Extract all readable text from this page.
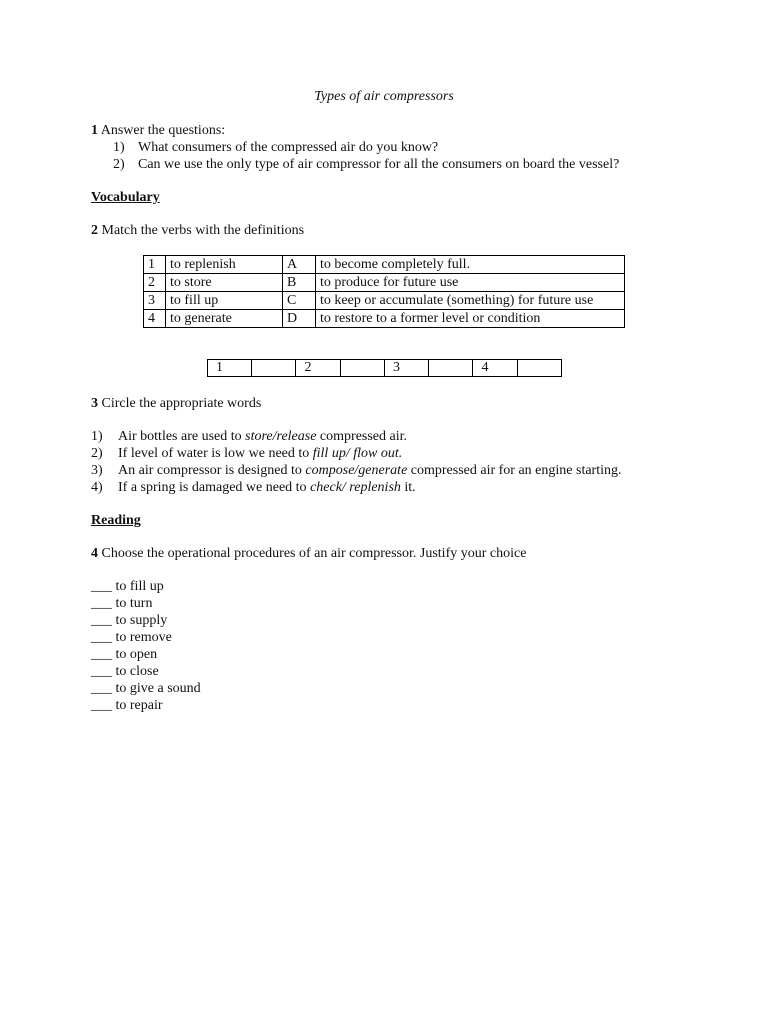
Types of air compressors
1 Answer the questions:
1) What consumers of the compressed air do you know?
2) Can we use the only type of air compressor for all the consumers on board the vessel?
Vocabulary
2 Match the verbs with the definitions
1	to replenish	A	to become completely full.
2	to store	B	to produce for future use
3	to fill up	C	to keep or accumulate (something) for future use
4	to generate	D	to restore to a former level or condition
1		2		3		4	
3 Circle the appropriate words
1) Air bottles are used to store/release compressed air.
2) If level of water is low we need to fill up/ flow out.
3) An air compressor is designed to compose/generate compressed air for an engine starting.
4) If a spring is damaged we need to check/ replenish it.
Reading
4 Choose the operational procedures of an air compressor. Justify your choice
___ to fill up
___ to turn
___ to supply
___ to remove
___ to open
___ to close
___ to give a sound
___ to repair
